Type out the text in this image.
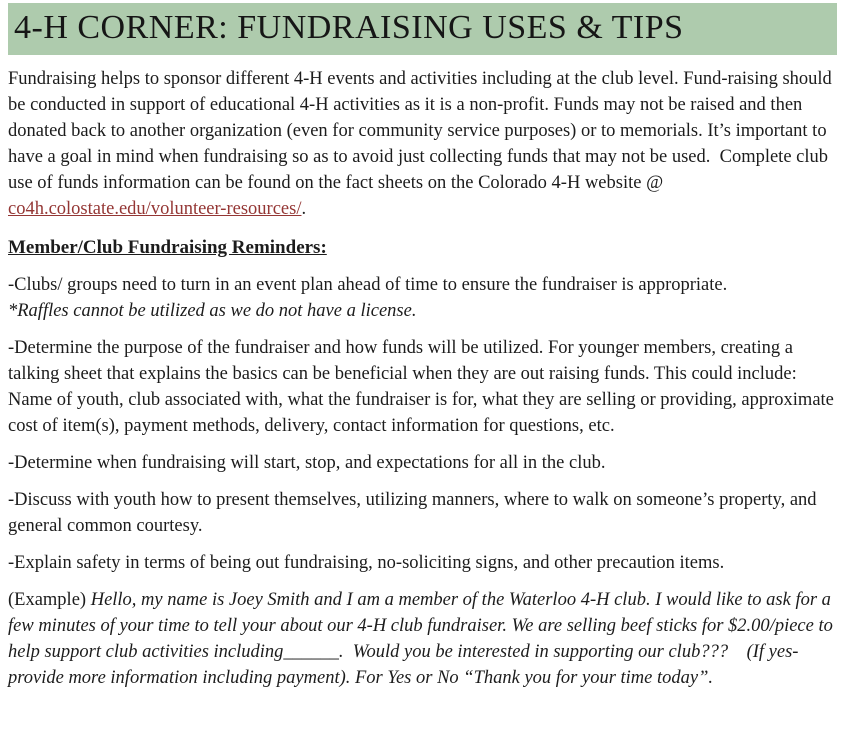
4-H CORNER: FUNDRAISING USES & TIPS

Fundraising helps to sponsor different 4-H events and activities including at the club level. Fund-raising should be conducted in support of educational 4-H activities as it is a non-profit. Funds may not be raised and then donated back to another organization (even for community service purposes) or to memorials. It’s important to have a goal in mind when fundraising so as to avoid just collecting funds that may not be used.  Complete club use of funds information can be found on the fact sheets on the Colorado 4-H website @ co4h.colostate.edu/volunteer-resources/.

Member/Club Fundraising Reminders:
-Clubs/ groups need to turn in an event plan ahead of time to ensure the fundraiser is appropriate.
*Raffles cannot be utilized as we do not have a license.

-Determine the purpose of the fundraiser and how funds will be utilized. For younger members, creating a talking sheet that explains the basics can be beneficial when they are out raising funds. This could include:  Name of youth, club associated with, what the fundraiser is for, what they are selling or providing, approximate cost of item(s), payment methods, delivery, contact information for questions, etc.

-Determine when fundraising will start, stop, and expectations for all in the club.

-Discuss with youth how to present themselves, utilizing manners, where to walk on someone’s property, and general common courtesy.

-Explain safety in terms of being out fundraising, no-soliciting signs, and other precaution items.

(Example) Hello, my name is Joey Smith and I am a member of the Waterloo 4-H club. I would like to ask for a few minutes of your time to tell your about our 4-H club fundraiser. We are selling beef sticks for $2.00/piece to help support club activities including______.  Would you be interested in supporting our club???    (If yes-provide more information including payment). For Yes or No “Thank you for your time today”.
